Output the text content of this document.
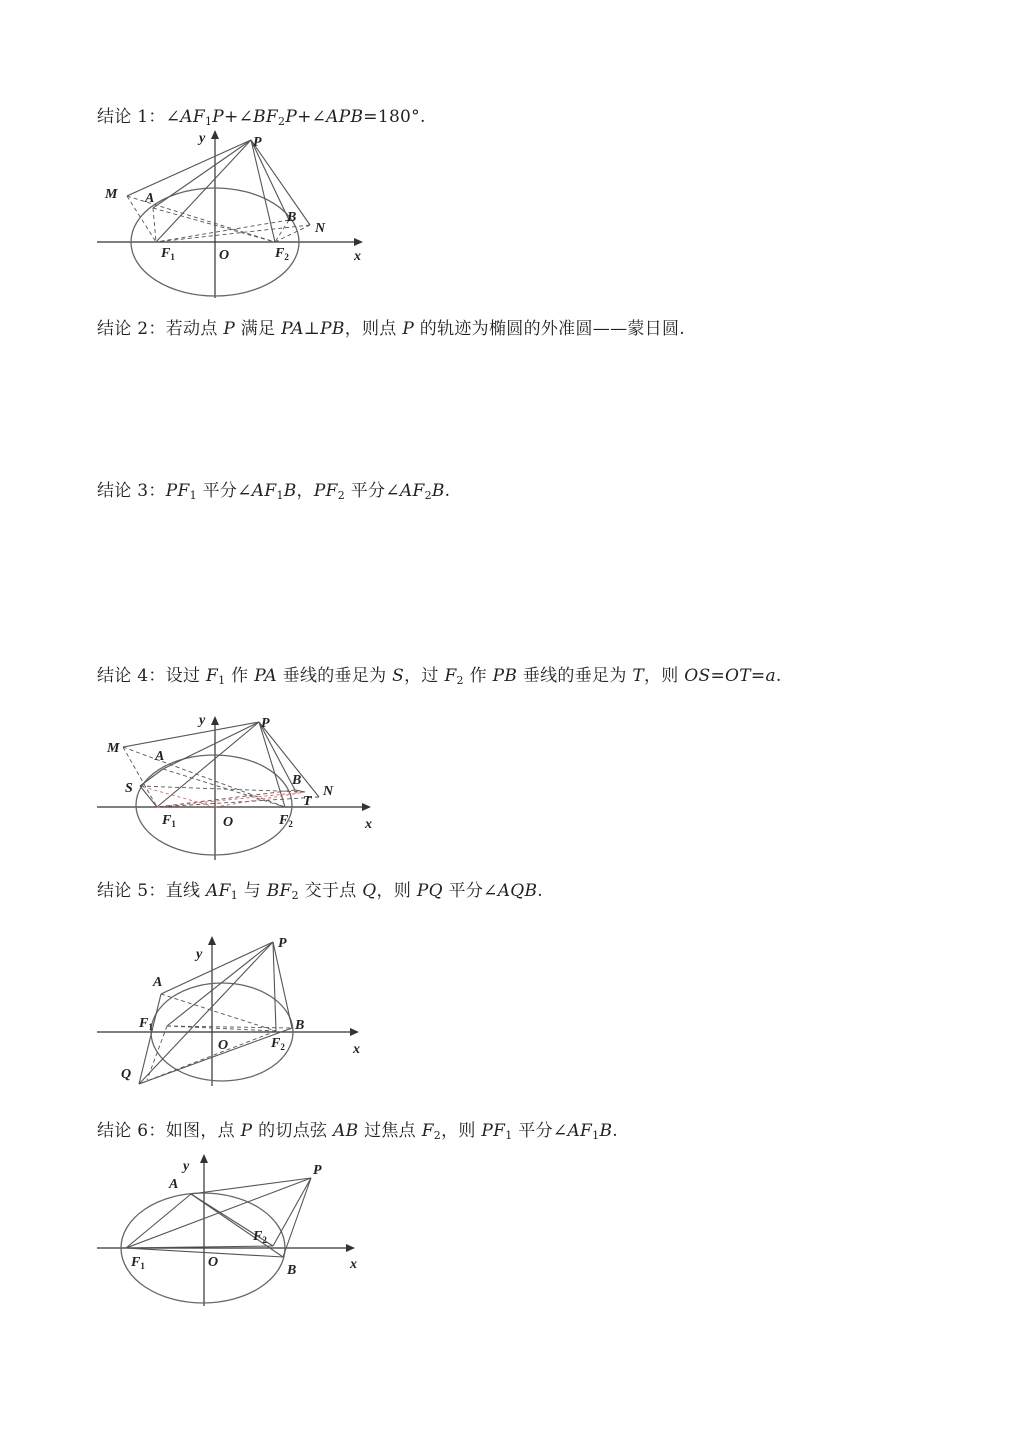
结论 1：$\angle AF_1P+\angle BF_2P+\angle APB=180^\circ$.
y	P
M A
B
N
$F_1$	O	$F_2$	x
结论 2：若动点 P 满足 PA⊥PB，则点 P 的轨迹为椭圆的外准圆——蒙日圆.
结论 3：$PF_1$ 平分$\angle AF_1B$，$PF_2$ 平分$\angle AF_2B$.
结论 4：设过 $F_1$ 作 PA 垂线的垂足为 S，过 $F_2$ 作 PB 垂线的垂足为 T，则 OS=OT=a.
y	P
M
A
S
B
T
N
$F_1$	O	$F_2$	x
结论 5：直线 $AF_1$ 与 $BF_2$ 交于点 Q，则 PQ 平分∠AQB.
y
P
A
$F_1$	B
O	$F_2$	x
Q
结论 6：如图，点 P 的切点弦 AB 过焦点 $F_2$，则 $PF_1$ 平分$\angle AF_1B$.
y	P
A
$F_2$
$F_1$	O
B	x
